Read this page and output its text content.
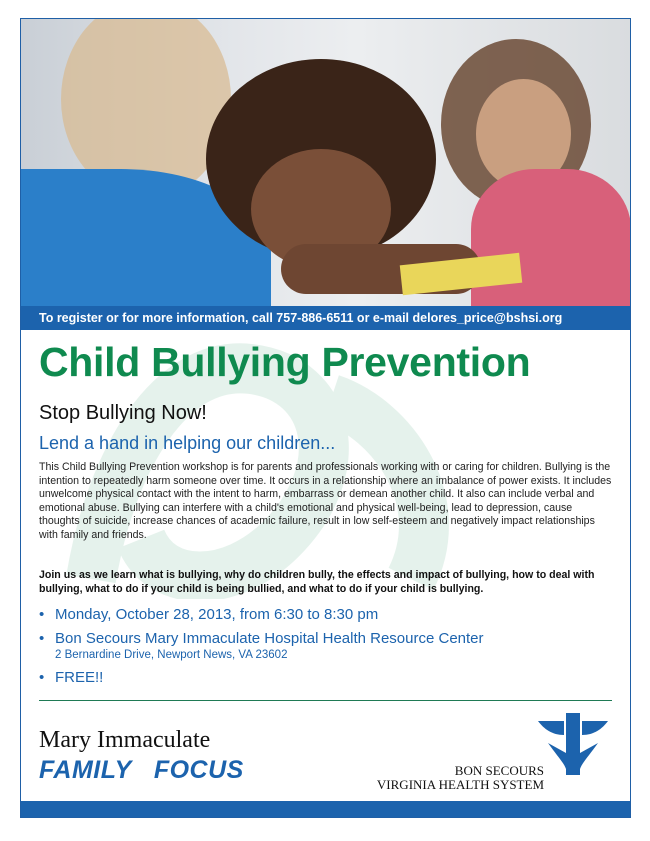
To register or for more information, call 757-886-6511 or e-mail delores_price@bshsi.org
Child Bullying Prevention
Stop Bullying Now!
Lend a hand in helping our children...

This Child Bullying Prevention workshop is for parents and professionals working with or caring for children. Bullying is the intention to repeatedly harm someone over time. It occurs in a relationship where an imbalance of power exists. It includes unwelcome physical contact with the intent to harm, embarrass or demean another child. It also can include verbal and emotional abuse. Bullying can interfere with a child's emotional and physical well-being, lead to depression, cause thoughts of suicide, increase chances of academic failure, result in low self-esteem and negatively impact relationships with family and friends.

Join us as we learn what is bullying, why do children bully, the effects and impact of bullying, how to deal with bullying, what to do if your child is being bullied, and what to do if your child is bullying.

• Monday, October 28, 2013, from 6:30 to 8:30 pm
• Bon Secours Mary Immaculate Hospital Health Resource Center
2 Bernardine Drive, Newport News, VA 23602
• FREE!!
Mary Immaculate
FAMILY FOCUS	BON SECOURS
VIRGINIA HEALTH SYSTEM
